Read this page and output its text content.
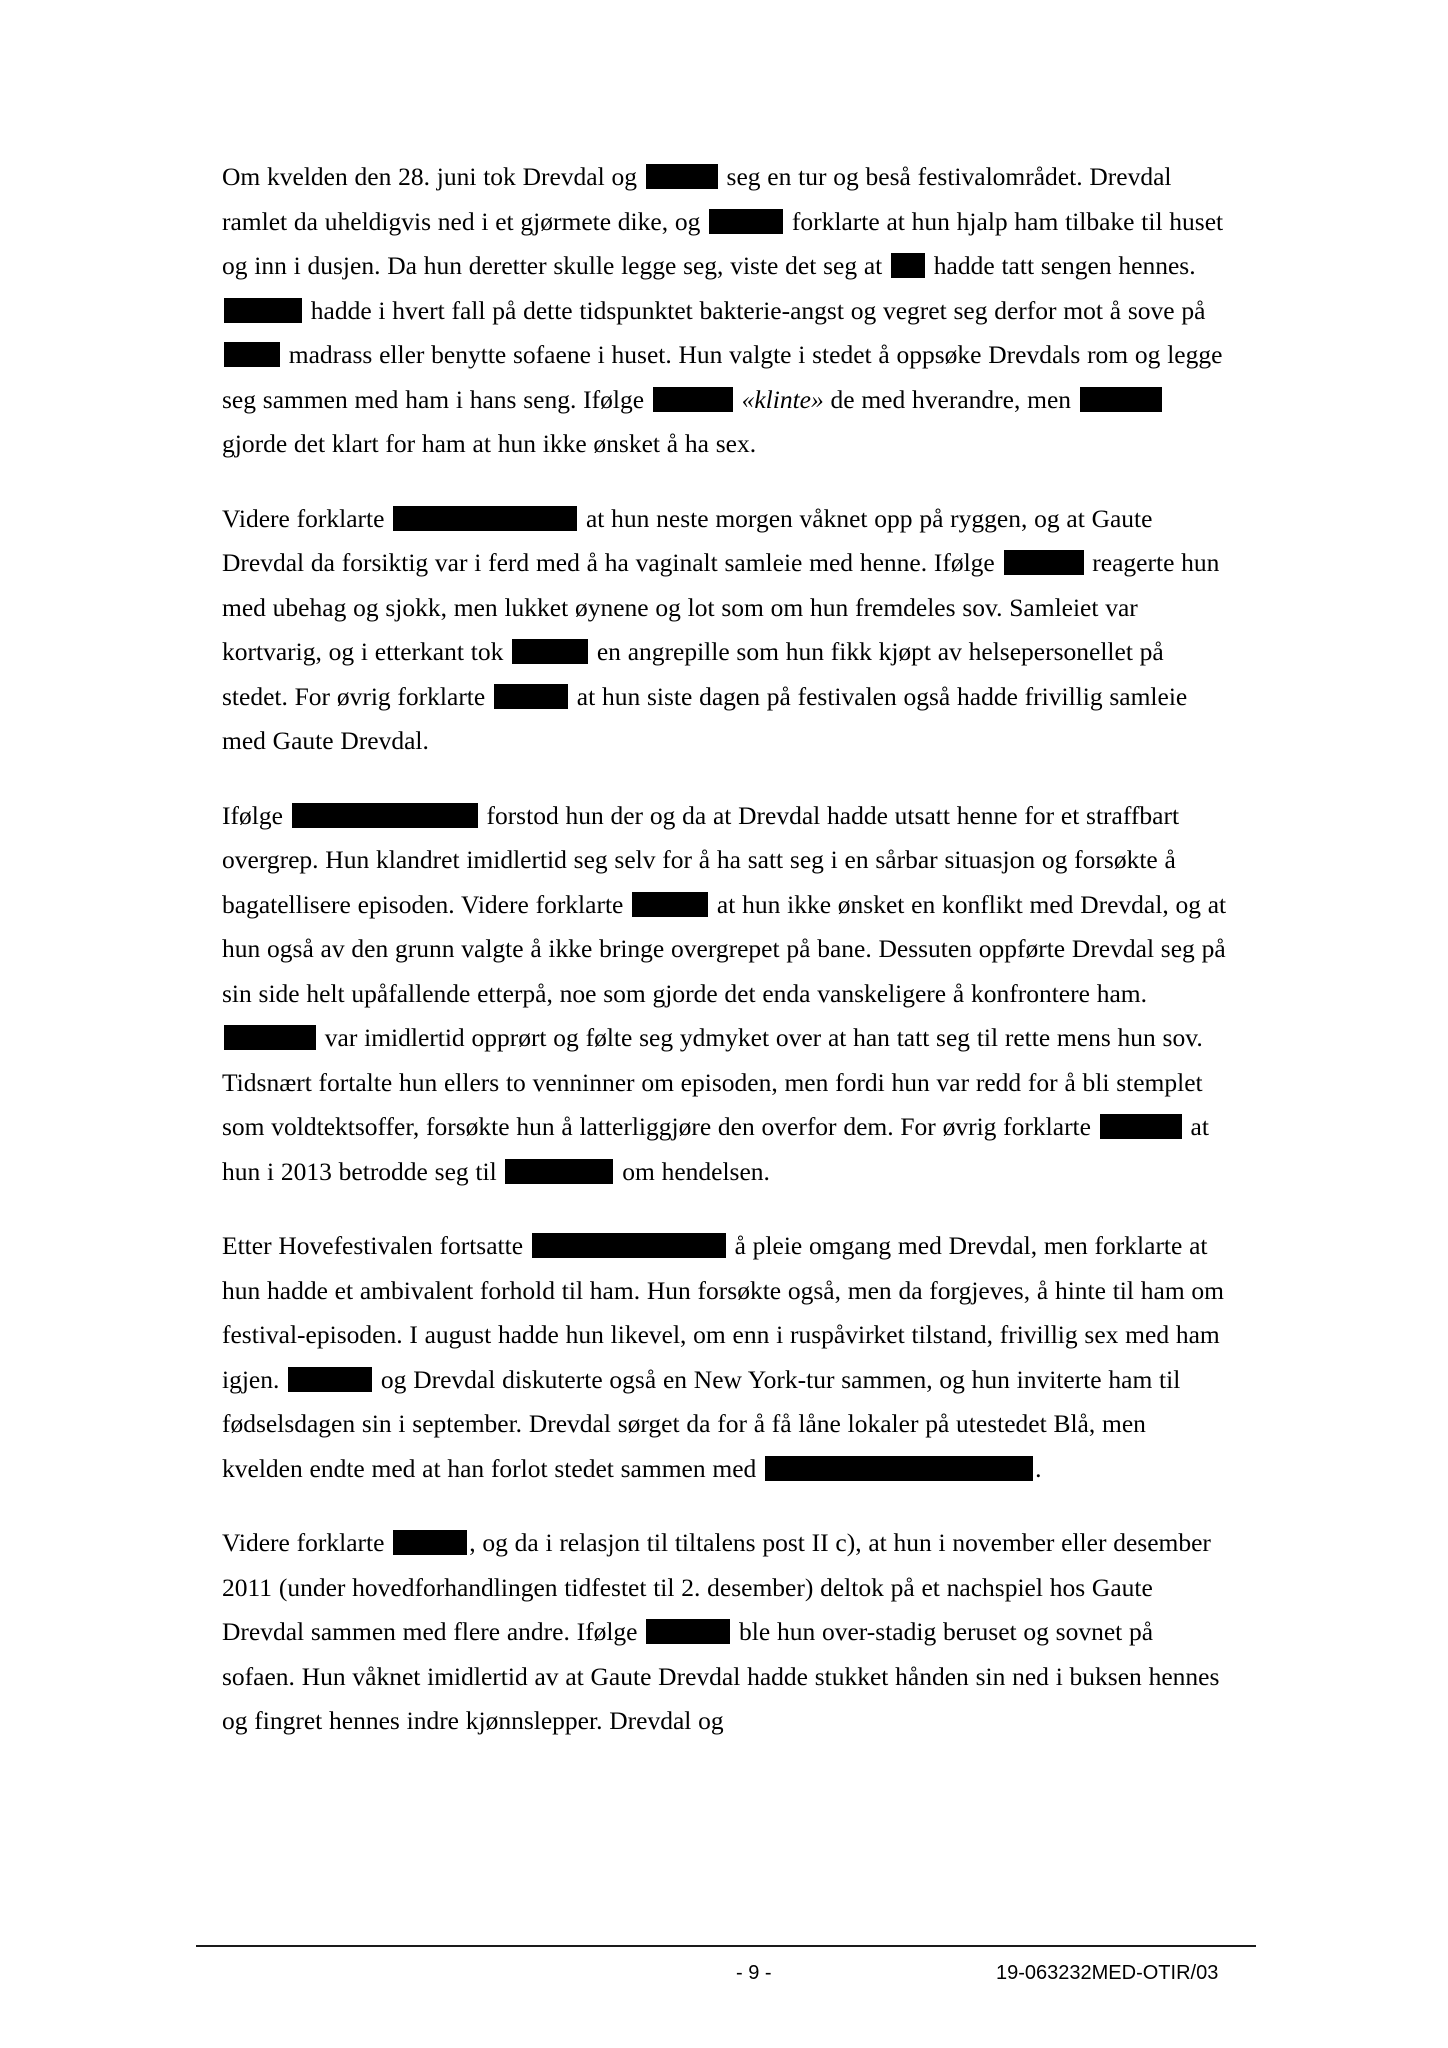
Om kvelden den 28. juni tok Drevdal og	seg en tur og beså festivalområdet. Drevdal ramlet da uheldigvis ned i et gjørmete dike, og	forklarte at hun hjalp ham tilbake til huset og inn i dusjen. Da hun deretter skulle legge seg, viste det seg at  hadde tatt sengen hennes.  hadde i hvert fall på dette tidspunktet bakterie-angst og vegret seg derfor mot å sove på  madrass eller benytte sofaene i huset. Hun valgte i stedet å oppsøke Drevdals rom og legge seg sammen med ham i hans seng. Ifølge	«klinte» de med hverandre, men  gjorde det klart for ham at hun ikke ønsket å ha sex.

Videre forklarte	at hun neste morgen våknet opp på ryggen, og at Gaute Drevdal da forsiktig var i ferd med å ha vaginalt samleie med henne. Ifølge	reagerte hun med ubehag og sjokk, men lukket øynene og lot som om hun fremdeles sov. Samleiet var kortvarig, og i etterkant tok	en angrepille som hun fikk kjøpt av helsepersonellet på stedet. For øvrig forklarte	at hun siste dagen på festivalen også hadde frivillig samleie med Gaute Drevdal.

Ifølge	forstod hun der og da at Drevdal hadde utsatt henne for et straffbart overgrep. Hun klandret imidlertid seg selv for å ha satt seg i en sårbar situasjon og forsøkte å bagatellisere episoden. Videre forklarte	at hun ikke ønsket en konflikt med Drevdal, og at hun også av den grunn valgte å ikke bringe overgrepet på bane. Dessuten oppførte Drevdal seg på sin side helt upåfallende etterpå, noe som gjorde det enda vanskeligere å konfrontere ham.  var imidlertid opprørt og følte seg ydmyket over at han tatt seg til rette mens hun sov. Tidsnært fortalte hun ellers to venninner om episoden, men fordi hun var redd for å bli stemplet som voldtektsoffer, forsøkte hun å latterliggjøre den overfor dem. For øvrig forklarte	at hun i 2013 betrodde seg til	om hendelsen.

Etter Hovefestivalen fortsatte	å pleie omgang med Drevdal, men forklarte at hun hadde et ambivalent forhold til ham. Hun forsøkte også, men da forgjeves, å hinte til ham om festival-episoden. I august hadde hun likevel, om enn i ruspåvirket tilstand, frivillig sex med ham igjen.	og Drevdal diskuterte også en New York-tur sammen, og hun inviterte ham til fødselsdagen sin i september. Drevdal sørget da for å få låne lokaler på utestedet Blå, men kvelden endte med at han forlot stedet sammen med	.

Videre forklarte	, og da i relasjon til tiltalens post II c), at hun i november eller desember 2011 (under hovedforhandlingen tidfestet til 2. desember) deltok på et nachspiel hos Gaute Drevdal sammen med flere andre. Ifølge	ble hun over-stadig beruset og sovnet på sofaen. Hun våknet imidlertid av at Gaute Drevdal hadde stukket hånden sin ned i buksen hennes og fingret hennes indre kjønnslepper. Drevdal og

- 9 -	19-063232MED-OTIR/03
